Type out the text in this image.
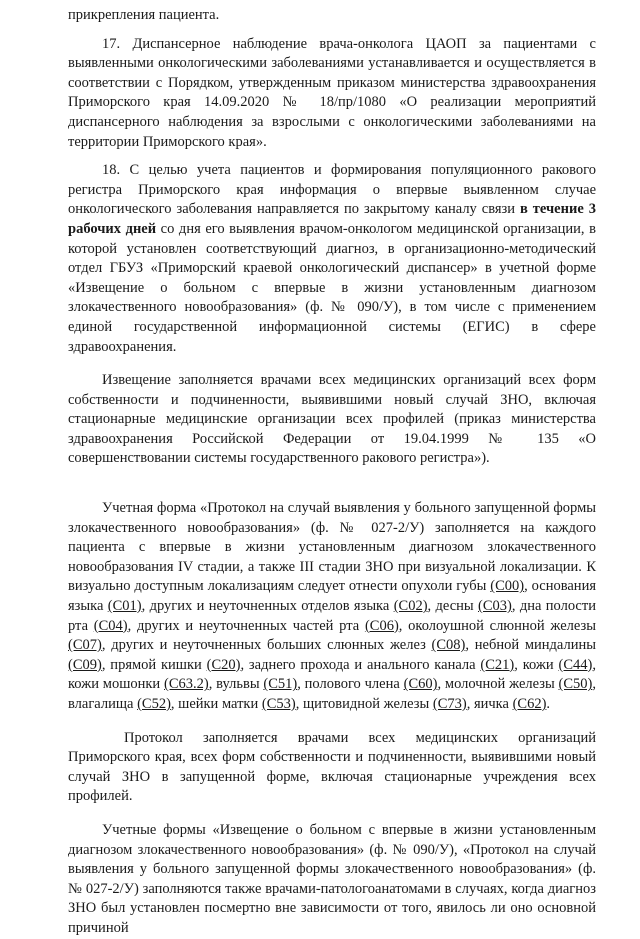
прикрепления пациента.

17. Диспансерное наблюдение врача-онколога ЦАОП за пациентами с выявленными онкологическими заболеваниями устанавливается и осуществляется в соответствии с Порядком, утвержденным приказом министерства здравоохранения Приморского края 14.09.2020 № 18/пр/1080 «О реализации мероприятий диспансерного наблюдения за взрослыми с онкологическими заболеваниями на территории Приморского края».

18. С целью учета пациентов и формирования популяционного ракового регистра Приморского края информация о впервые выявленном случае онкологического заболевания направляется по закрытому каналу связи в течение 3 рабочих дней со дня его выявления врачом-онкологом медицинской организации, в которой установлен соответствующий диагноз, в организационно-методический отдел ГБУЗ «Приморский краевой онкологический диспансер» в учетной форме «Извещение о больном с впервые в жизни установленным диагнозом злокачественного новообразования» (ф. № 090/У), в том числе с применением единой государственной информационной системы (ЕГИС) в сфере здравоохранения.

Извещение заполняется врачами всех медицинских организаций всех форм собственности и подчиненности, выявившими новый случай ЗНО, включая стационарные медицинские организации всех профилей (приказ министерства здравоохранения Российской Федерации от 19.04.1999 № 135 «О совершенствовании системы государственного ракового регистра»).

Учетная форма «Протокол на случай выявления у больного запущенной формы злокачественного новообразования» (ф. № 027-2/У) заполняется на каждого пациента с впервые в жизни установленным диагнозом злокачественного новообразования IV стадии, а также III стадии ЗНО при визуальной локализации. К визуально доступным локализациям следует отнести опухоли губы (С00), основания языка (С01), других и неуточненных отделов языка (С02), десны (С03), дна полости рта (С04), других и неуточненных частей рта (С06), околоушной слюнной железы (С07), других и неуточненных больших слюнных желез (С08), небной миндалины (С09), прямой кишки (С20), заднего прохода и анального канала (С21), кожи (С44), кожи мошонки (С63.2), вульвы (С51), полового члена (С60), молочной железы (С50), влагалища (С52), шейки матки (С53), щитовидной железы (С73), яичка (С62).

Протокол заполняется врачами всех медицинских организаций Приморского края, всех форм собственности и подчиненности, выявившими новый случай ЗНО в запущенной форме, включая стационарные учреждения всех профилей.

Учетные формы «Извещение о больном с впервые в жизни установленным диагнозом злокачественного новообразования» (ф. № 090/У), «Протокол на случай выявления у больного запущенной формы злокачественного новообразования» (ф. № 027-2/У) заполняются также врачами-патологоанатомами в случаях, когда диагноз ЗНО был установлен посмертно вне зависимости от того, явилось ли оно основной причиной
